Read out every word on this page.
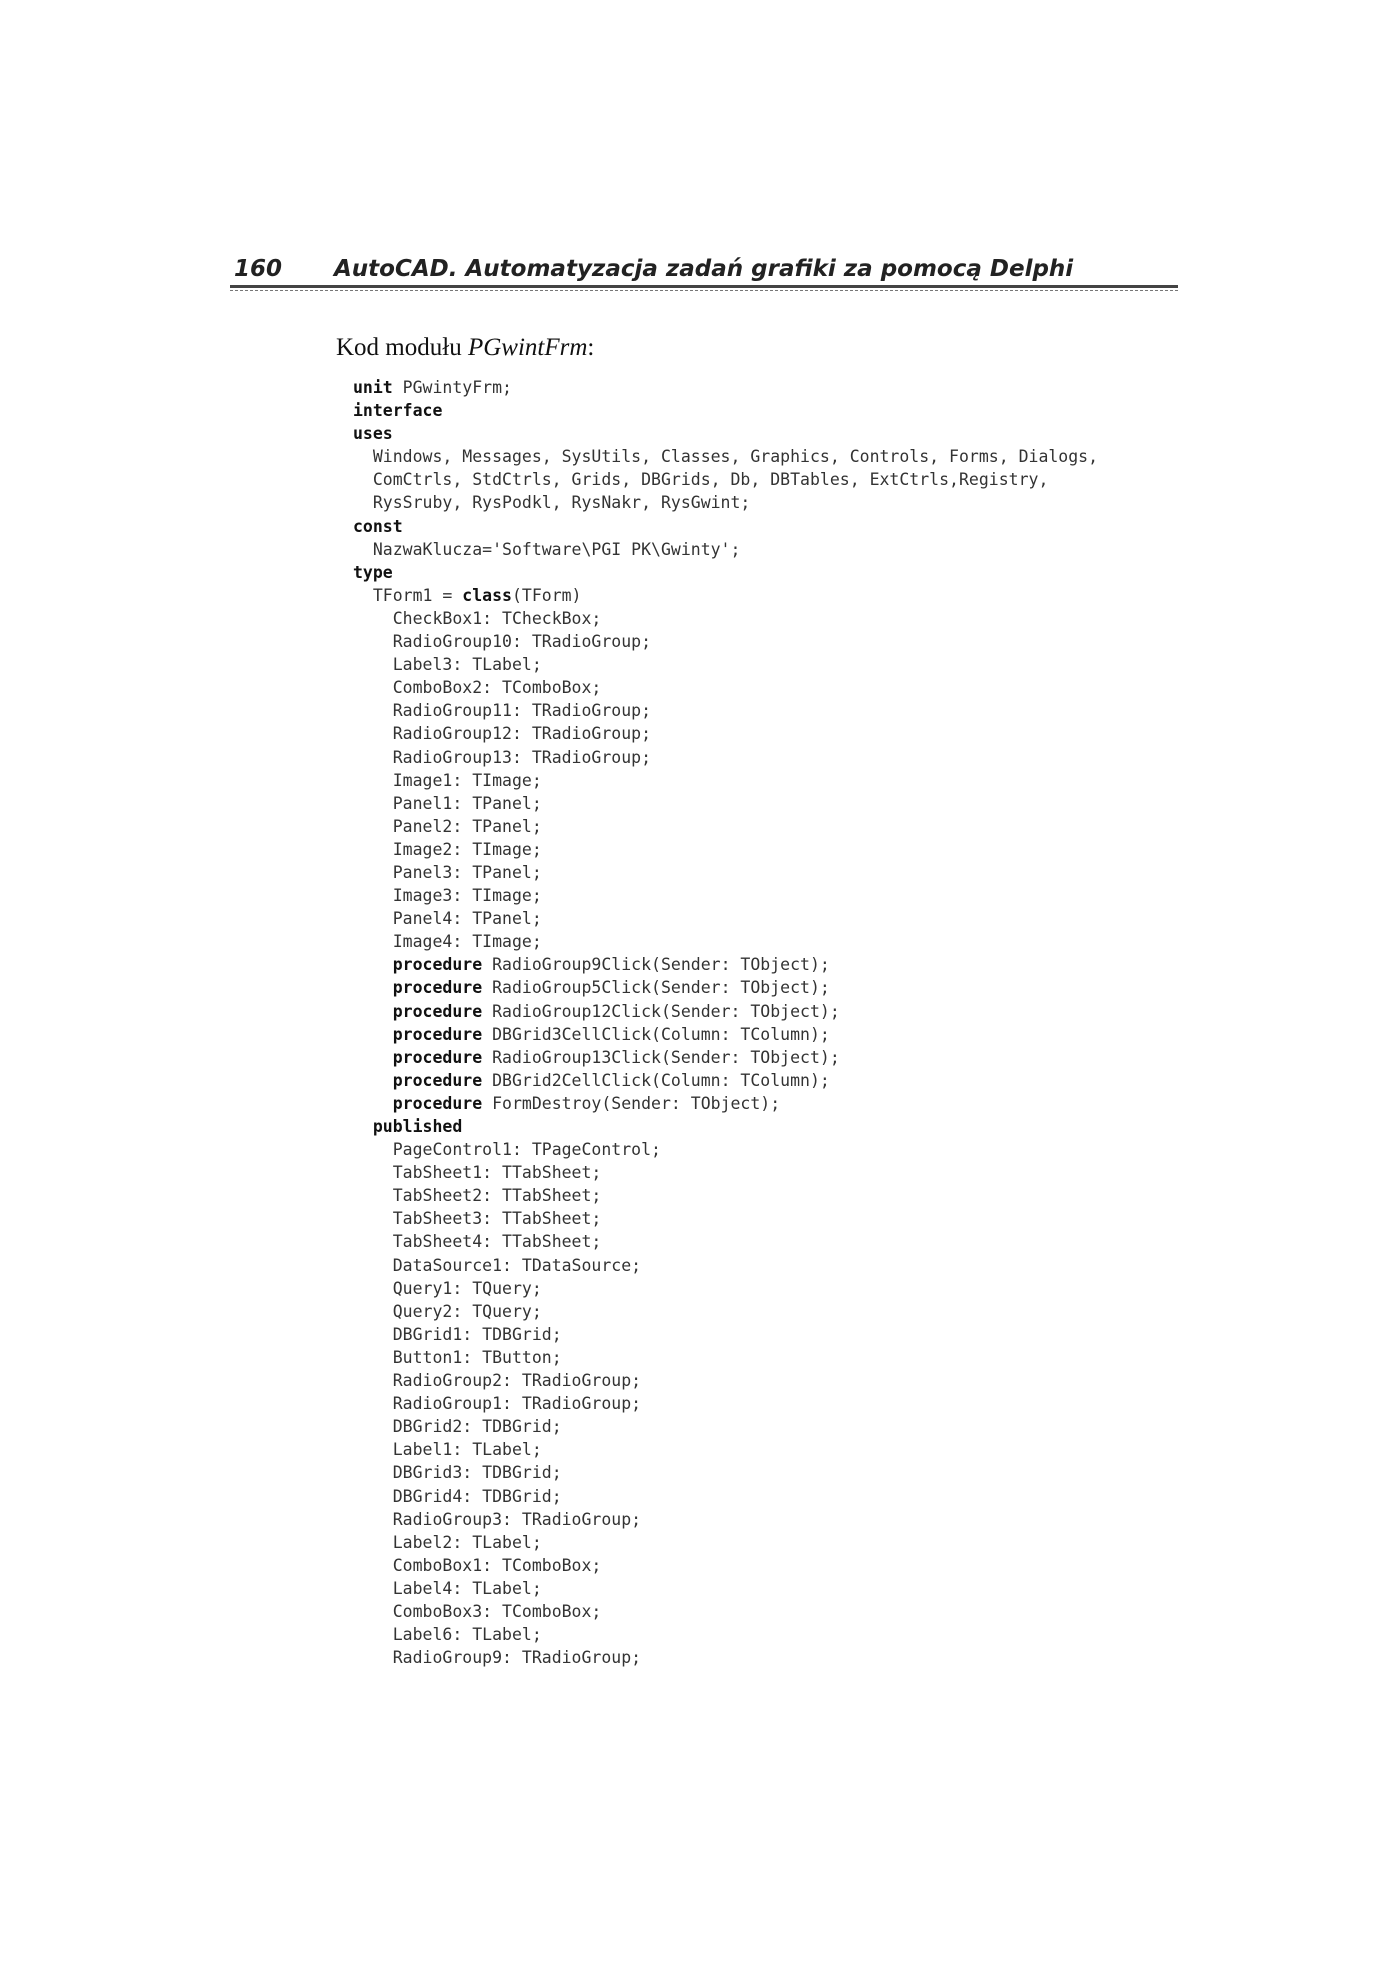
160 AutoCAD. Automatyzacja zadań grafiki za pomocą Delphi
Kod modułu PGwintFrm:
unit PGwintyFrm;
interface
uses
Windows, Messages, SysUtils, Classes, Graphics, Controls, Forms, Dialogs,
ComCtrls, StdCtrls, Grids, DBGrids, Db, DBTables, ExtCtrls,Registry,
RysSruby, RysPodkl, RysNakr, RysGwint;
const
NazwaKlucza='Software\PGI PK\Gwinty';
type
TForm1 = class(TForm)
CheckBox1: TCheckBox;
RadioGroup10: TRadioGroup;
Label3: TLabel;
ComboBox2: TComboBox;
RadioGroup11: TRadioGroup;
RadioGroup12: TRadioGroup;
RadioGroup13: TRadioGroup;
Image1: TImage;
Panel1: TPanel;
Panel2: TPanel;
Image2: TImage;
Panel3: TPanel;
Image3: TImage;
Panel4: TPanel;
Image4: TImage;
procedure RadioGroup9Click(Sender: TObject);
procedure RadioGroup5Click(Sender: TObject);
procedure RadioGroup12Click(Sender: TObject);
procedure DBGrid3CellClick(Column: TColumn);
procedure RadioGroup13Click(Sender: TObject);
procedure DBGrid2CellClick(Column: TColumn);
procedure FormDestroy(Sender: TObject);
published
PageControl1: TPageControl;
TabSheet1: TTabSheet;
TabSheet2: TTabSheet;
TabSheet3: TTabSheet;
TabSheet4: TTabSheet;
DataSource1: TDataSource;
Query1: TQuery;
Query2: TQuery;
DBGrid1: TDBGrid;
Button1: TButton;
RadioGroup2: TRadioGroup;
RadioGroup1: TRadioGroup;
DBGrid2: TDBGrid;
Label1: TLabel;
DBGrid3: TDBGrid;
DBGrid4: TDBGrid;
RadioGroup3: TRadioGroup;
Label2: TLabel;
ComboBox1: TComboBox;
Label4: TLabel;
ComboBox3: TComboBox;
Label6: TLabel;
RadioGroup9: TRadioGroup;
